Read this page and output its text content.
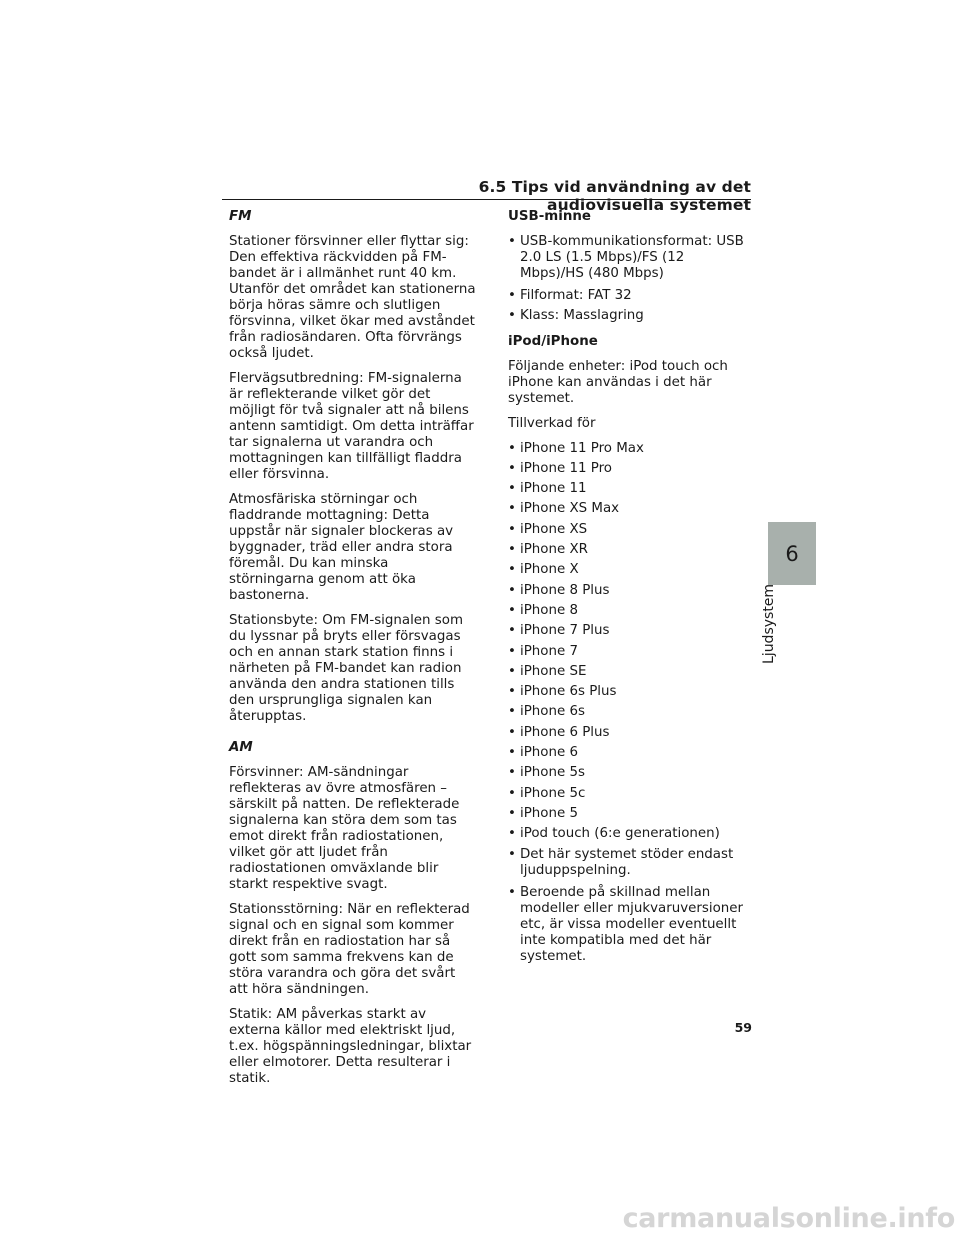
6.5 Tips vid användning av det audiovisuella systemet
FM

Stationer försvinner eller flyttar sig: Den effektiva räckvidden på FM-bandet är i allmänhet runt 40 km. Utanför det området kan stationerna börja höras sämre och slutligen försvinna, vilket ökar med avståndet från radiosändaren. Ofta förvrängs också ljudet.

Flervägsutbredning: FM-signalerna är reflekterande vilket gör det möjligt för två signaler att nå bilens antenn samtidigt. Om detta inträffar tar signalerna ut varandra och mottagningen kan tillfälligt fladdra eller försvinna.

Atmosfäriska störningar och fladdrande mottagning: Detta uppstår när signaler blockeras av byggnader, träd eller andra stora föremål. Du kan minska störningarna genom att öka bastonerna.

Stationsbyte: Om FM-signalen som du lyssnar på bryts eller försvagas och en annan stark station finns i närheten på FM-bandet kan radion använda den andra stationen tills den ursprungliga signalen kan återupptas.

AM

Försvinner: AM-sändningar reflekteras av övre atmosfären – särskilt på natten. De reflekterade signalerna kan störa dem som tas emot direkt från radiostationen, vilket gör att ljudet från radiostationen omväxlande blir starkt respektive svagt.

Stationsstörning: När en reflekterad signal och en signal som kommer direkt från en radiostation har så gott som samma frekvens kan de störa varandra och göra det svårt att höra sändningen.

Statik: AM påverkas starkt av externa källor med elektriskt ljud, t.ex. högspänningsledningar, blixtar eller elmotorer. Detta resulterar i statik.

USB-minne
• USB-kommunikationsformat: USB 2.0 LS (1.5 Mbps)/FS (12 Mbps)/HS (480 Mbps)
• Filformat: FAT 32
• Klass: Masslagring
iPod/iPhone

Följande enheter: iPod touch och iPhone kan användas i det här systemet.

Tillverkad för

• iPhone 11 Pro Max
• iPhone 11 Pro
• iPhone 11
• iPhone XS Max
• iPhone XS
• iPhone XR
• iPhone X
• iPhone 8 Plus
• iPhone 8
• iPhone 7 Plus
• iPhone 7
• iPhone SE
• iPhone 6s Plus
• iPhone 6s
• iPhone 6 Plus
• iPhone 6
• iPhone 5s
• iPhone 5c
• iPhone 5
• iPod touch (6:e generationen)
• Det här systemet stöder endast ljuduppspelning.
• Beroende på skillnad mellan modeller eller mjukvaruversioner etc, är vissa modeller eventuellt inte kompatibla med det här systemet.
6
Ljudsystem
59
carmanualsonline.info
